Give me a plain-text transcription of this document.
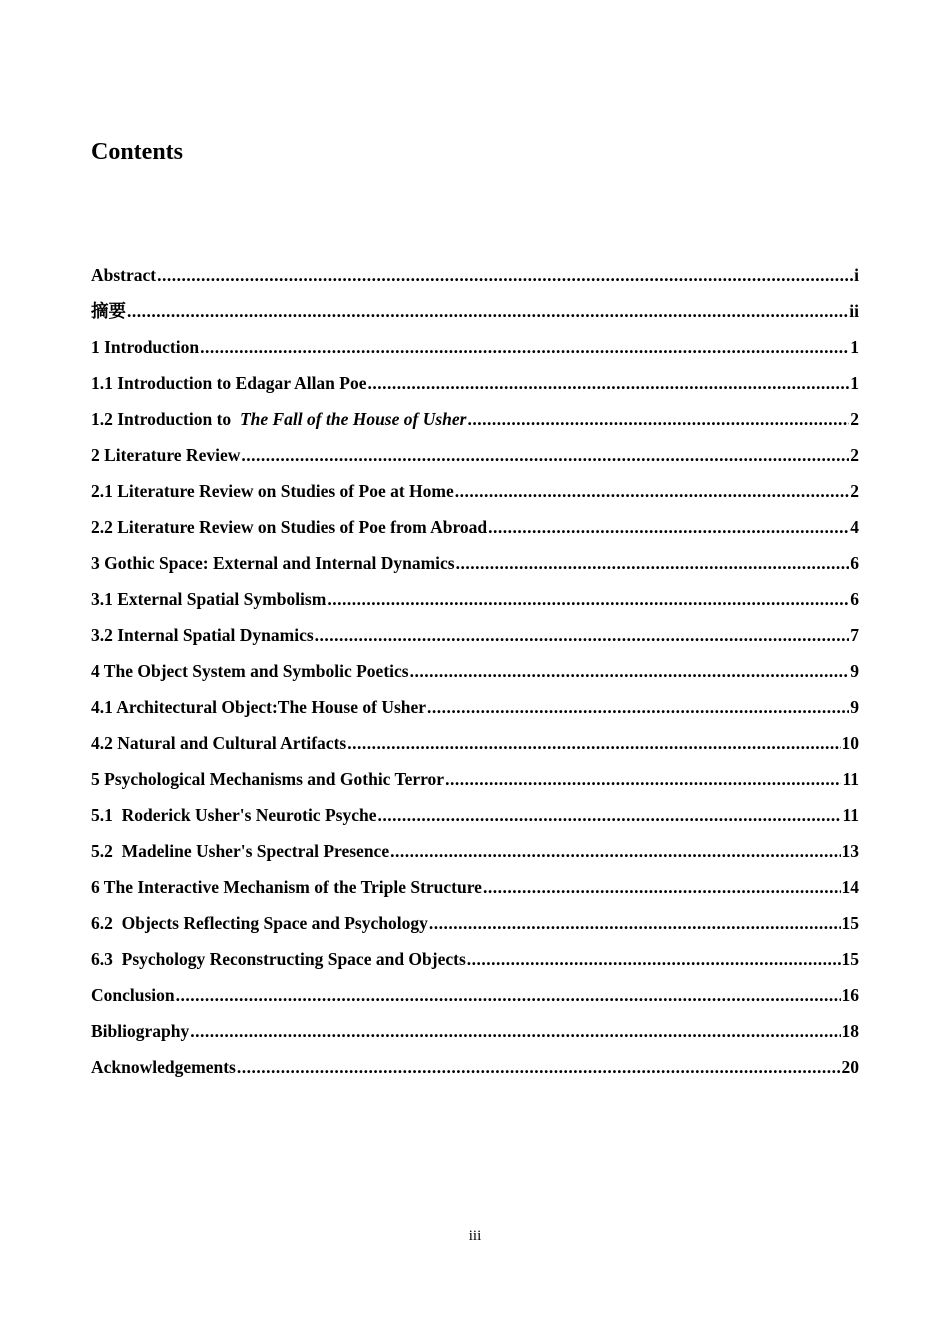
Contents
Abstract .....	i
摘要 .....	ii
1 Introduction .....	1
1.1 Introduction to Edagar Allan Poe .....	1
1.2 Introduction to  The Fall of the House of Usher .....	2
2 Literature Review .....	2
2.1 Literature Review on Studies of Poe at Home .....	2
2.2 Literature Review on Studies of Poe from Abroad .....	4
3 Gothic Space: External and Internal Dynamics .....	6
3.1 External Spatial Symbolism .....	6
3.2 Internal Spatial Dynamics .....	7
4 The Object System and Symbolic Poetics .....	9
4.1 Architectural Object:The House of Usher .....	9
4.2 Natural and Cultural Artifacts .....	10
5 Psychological Mechanisms and Gothic Terror .....	11
5.1  Roderick Usher's Neurotic Psyche .....	11
5.2  Madeline Usher's Spectral Presence .....	13
6 The Interactive Mechanism of the Triple Structure .....	14
6.2  Objects Reflecting Space and Psychology .....	15
6.3  Psychology Reconstructing Space and Objects .....	15
Conclusion .....	16
Bibliography .....	18
Acknowledgements .....	20
iii
